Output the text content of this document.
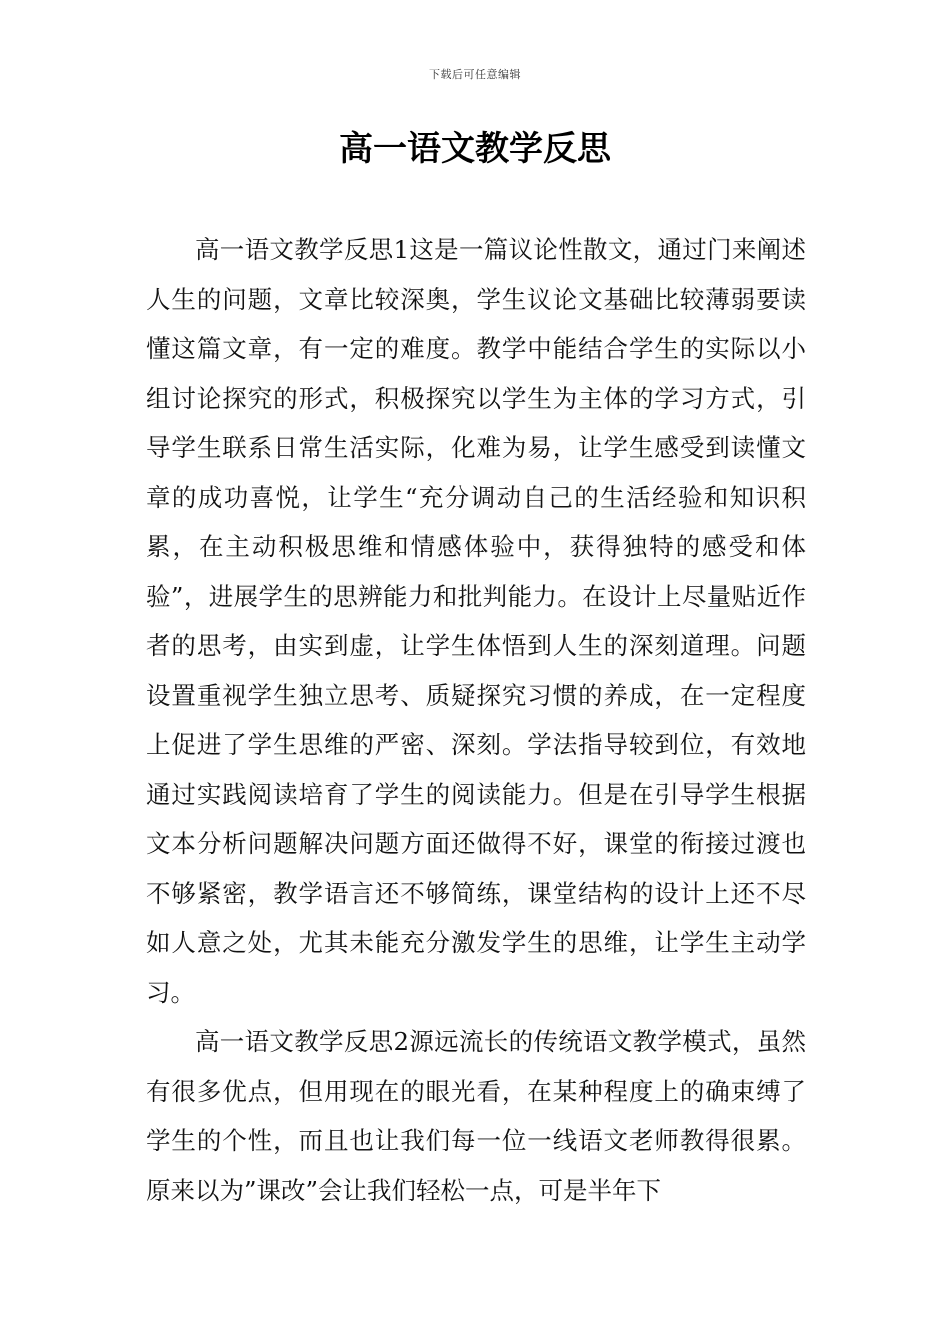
下载后可任意编辑
高一语文教学反思

高一语文教学反思1这是一篇议论性散文，通过门来阐述人生的问题，文章比较深奥，学生议论文基础比较薄弱要读懂这篇文章，有一定的难度。教学中能结合学生的实际以小组讨论探究的形式，积极探究以学生为主体的学习方式，引导学生联系日常生活实际，化难为易，让学生感受到读懂文章的成功喜悦，让学生“充分调动自己的生活经验和知识积累，在主动积极思维和情感体验中，获得独特的感受和体验”，进展学生的思辨能力和批判能力。在设计上尽量贴近作者的思考，由实到虚，让学生体悟到人生的深刻道理。问题设置重视学生独立思考、质疑探究习惯的养成，在一定程度上促进了学生思维的严密、深刻。学法指导较到位，有效地通过实践阅读培育了学生的阅读能力。但是在引导学生根据文本分析问题解决问题方面还做得不好，课堂的衔接过渡也不够紧密，教学语言还不够简练，课堂结构的设计上还不尽如人意之处，尤其未能充分激发学生的思维，让学生主动学习。

高一语文教学反思2源远流长的传统语文教学模式，虽然有很多优点，但用现在的眼光看，在某种程度上的确束缚了学生的个性，而且也让我们每一位一线语文老师教得很累。原来以为”课改”会让我们轻松一点，可是半年下
